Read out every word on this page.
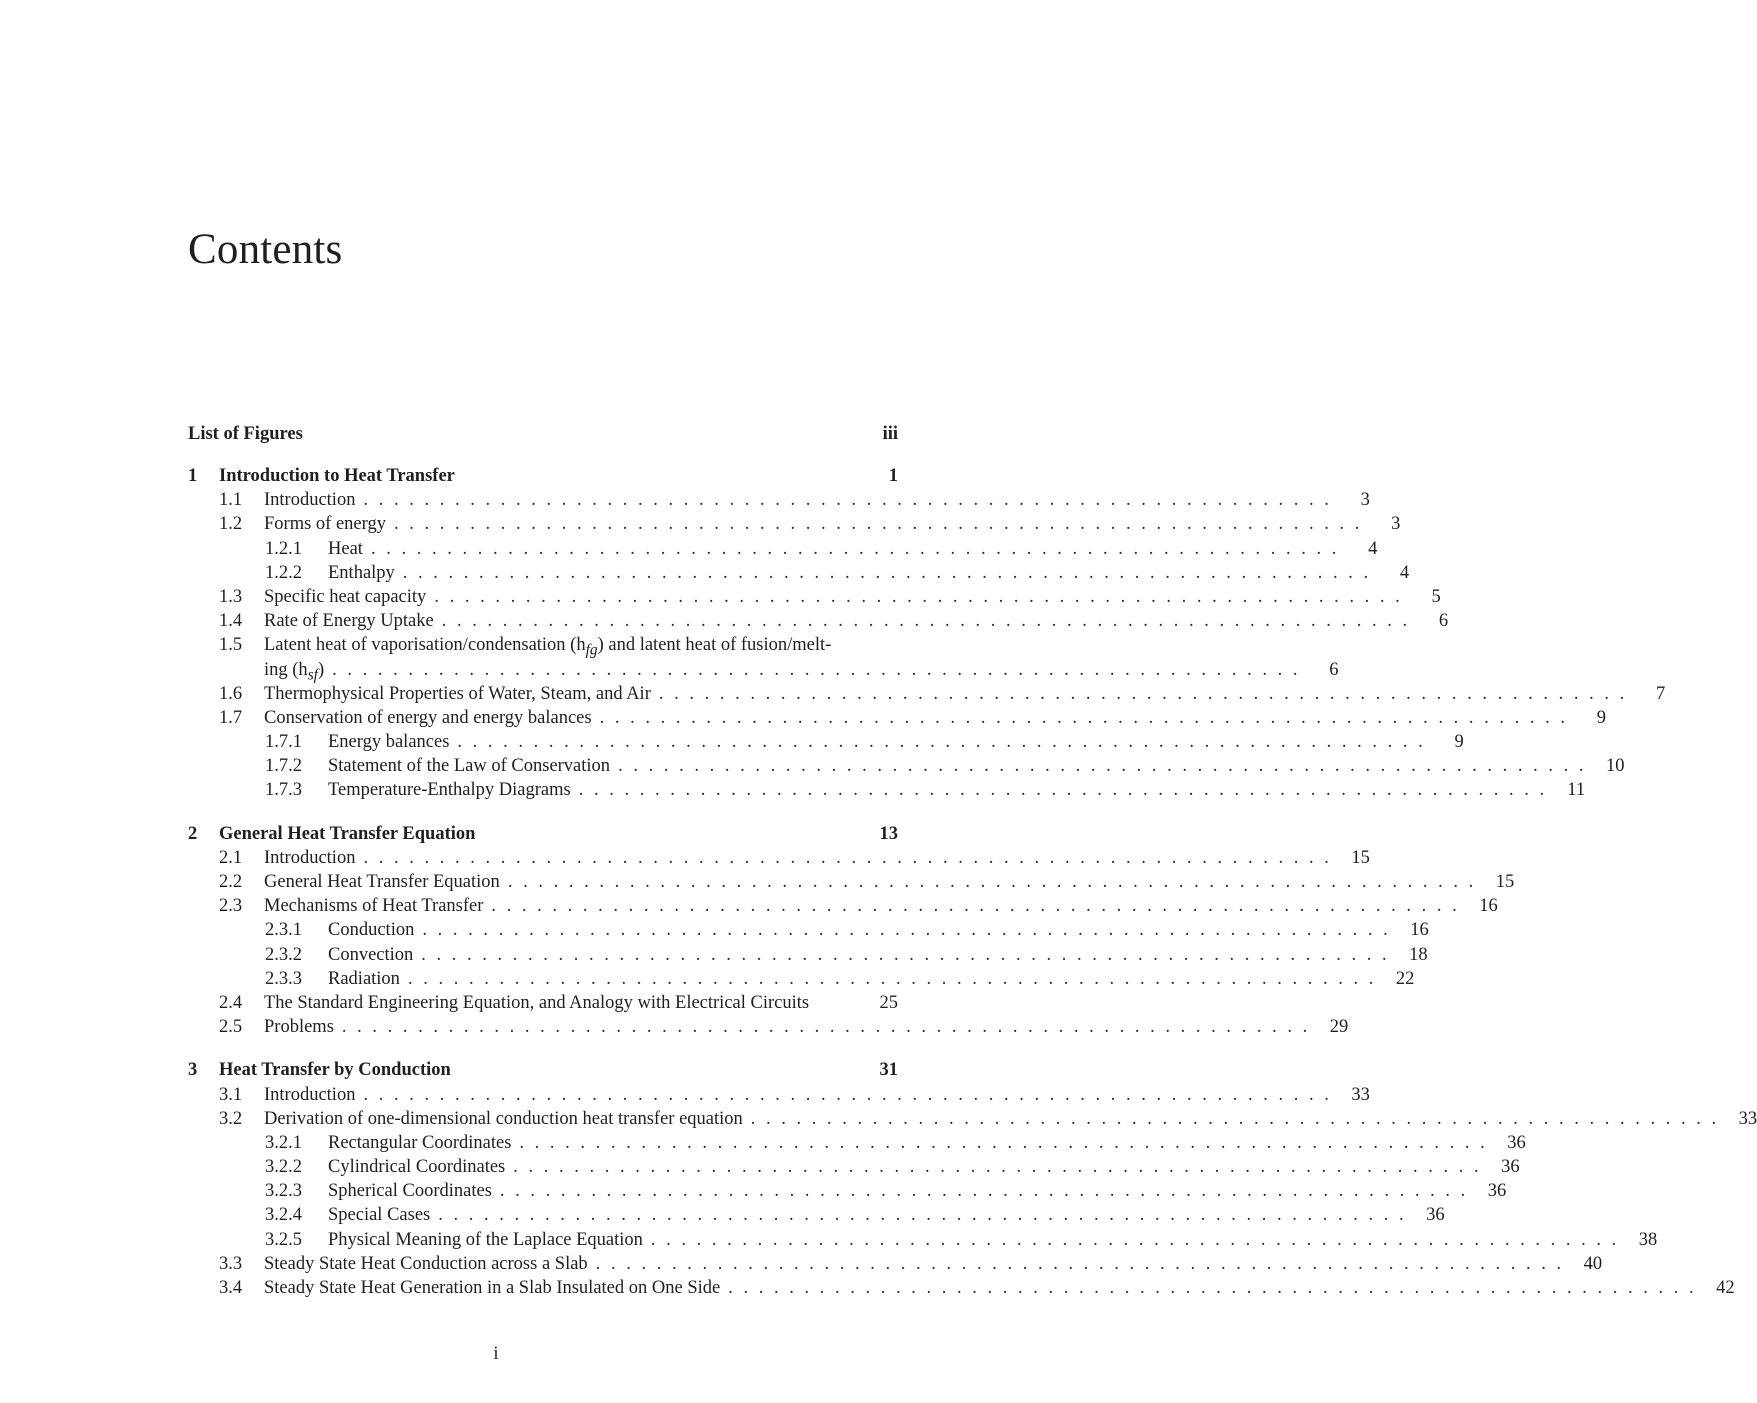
Contents
List of Figures	iii
1	Introduction to Heat Transfer	1
1.1	Introduction . . .	3
1.2	Forms of energy . . .	3
1.2.1	Heat . . .	4
1.2.2	Enthalpy . . .	4
1.3	Specific heat capacity . . .	5
1.4	Rate of Energy Uptake . . .	6
1.5	Latent heat of vaporisation/condensation $(h_{fg})$ and latent heat of fusion/melt-
ing $(h_{sf})$ . . .	6
1.6	Thermophysical Properties of Water, Steam, and Air . . .	7
1.7	Conservation of energy and energy balances . . .	9
1.7.1	Energy balances . . .	9
1.7.2	Statement of the Law of Conservation . . .	10
1.7.3	Temperature-Enthalpy Diagrams . . .	11
2	General Heat Transfer Equation	13
2.1	Introduction . . .	15
2.2	General Heat Transfer Equation . . .	15
2.3	Mechanisms of Heat Transfer . . .	16
2.3.1	Conduction . . .	16
2.3.2	Convection . . .	18
2.3.3	Radiation . . .	22
2.4	The Standard Engineering Equation, and Analogy with Electrical Circuits	25
2.5	Problems . . .	29
3	Heat Transfer by Conduction	31
3.1	Introduction . . .	33
3.2	Derivation of one-dimensional conduction heat transfer equation . . .	33
3.2.1	Rectangular Coordinates . . .	36
3.2.2	Cylindrical Coordinates . . .	36
3.2.3	Spherical Coordinates . . .	36
3.2.4	Special Cases . . .	36
3.2.5	Physical Meaning of the Laplace Equation . . .	38
3.3	Steady State Heat Conduction across a Slab . . .	40
3.4	Steady State Heat Generation in a Slab Insulated on One Side . . .	42
i
